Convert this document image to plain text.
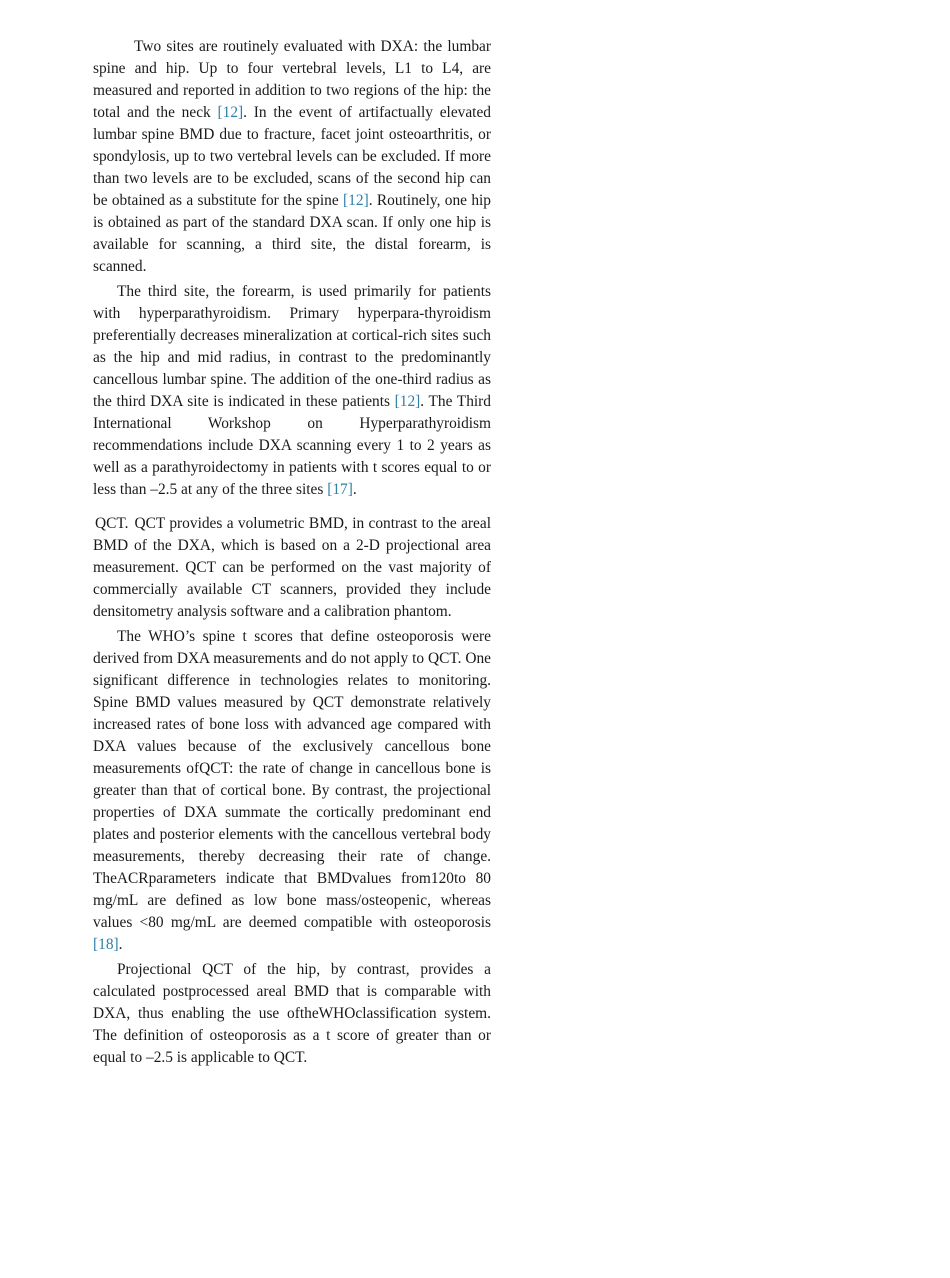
Two sites are routinely evaluated with DXA: the lumbar spine and hip. Up to four vertebral levels, L1 to L4, are measured and reported in addition to two regions of the hip: the total and the neck [12]. In the event of artifactually elevated lumbar spine BMD due to fracture, facet joint osteoarthritis, or spondylosis, up to two vertebral levels can be excluded. If more than two levels are to be excluded, scans of the second hip can be obtained as a substitute for the spine [12]. Routinely, one hip is obtained as part of the standard DXA scan. If only one hip is available for scanning, a third site, the distal forearm, is scanned.

The third site, the forearm, is used primarily for patients with hyperparathyroidism. Primary hyperpara-thyroidism preferentially decreases mineralization at cortical-rich sites such as the hip and mid radius, in contrast to the predominantly cancellous lumbar spine. The addition of the one-third radius as the third DXA site is indicated in these patients [12]. The Third International Workshop on Hyperparathyroidism recommendations include DXA scanning every 1 to 2 years as well as a parathyroidectomy in patients with t scores equal to or less than –2.5 at any of the three sites [17].

QCT. QCT provides a volumetric BMD, in contrast to the areal BMD of the DXA, which is based on a 2-D projectional area measurement. QCT can be performed on the vast majority of commercially available CT scanners, provided they include densitometry analysis software and a calibration phantom.

The WHO’s spine t scores that define osteoporosis were derived from DXA measurements and do not apply to QCT. One significant difference in technologies relates to monitoring. Spine BMD values measured by QCT demonstrate relatively increased rates of bone loss with advanced age compared with DXA values because of the exclusively cancellous bone measurements ofQCT: the rate of change in cancellous bone is greater than that of cortical bone. By contrast, the projectional properties of DXA summate the cortically predominant end plates and posterior elements with the cancellous vertebral body measurements, thereby decreasing their rate of change. TheACRparameters indicate that BMDvalues from120to 80 mg/mL are defined as low bone mass/osteopenic, whereas values <80 mg/mL are deemed compatible with osteoporosis [18].

Projectional QCT of the hip, by contrast, provides a calculated postprocessed areal BMD that is comparable with DXA, thus enabling the use oftheWHOclassification system. The definition of osteoporosis as a t score of greater than or equal to –2.5 is applicable to QCT.
